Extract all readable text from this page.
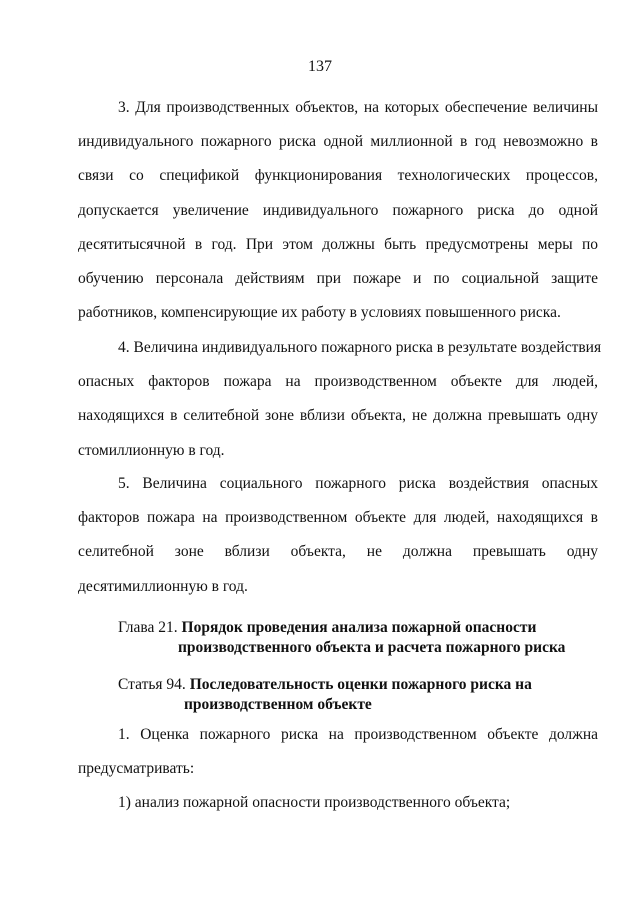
137
3. Для производственных объектов, на которых обеспечение величины
индивидуального пожарного риска одной миллионной в год невозможно в
связи со спецификой функционирования технологических процессов,
допускается увеличение индивидуального пожарного риска до одной
десятитысячной в год. При этом должны быть предусмотрены меры по
обучению персонала действиям при пожаре и по социальной защите
работников, компенсирующие их работу в условиях повышенного риска.
4. Величина индивидуального пожарного риска в результате воздействия
опасных факторов пожара на производственном объекте для людей,
находящихся в селитебной зоне вблизи объекта, не должна превышать одну
стомиллионную в год.
5. Величина социального пожарного риска воздействия опасных
факторов пожара на производственном объекте для людей, находящихся в
селитебной зоне вблизи объекта, не должна превышать одну
десятимиллионную в год.
Глава 21. Порядок проведения анализа пожарной опасности
производственного объекта и расчета пожарного риска
Статья 94. Последовательность оценки пожарного риска на
производственном объекте
1. Оценка пожарного риска на производственном объекте должна
предусматривать:
1) анализ пожарной опасности производственного объекта;
